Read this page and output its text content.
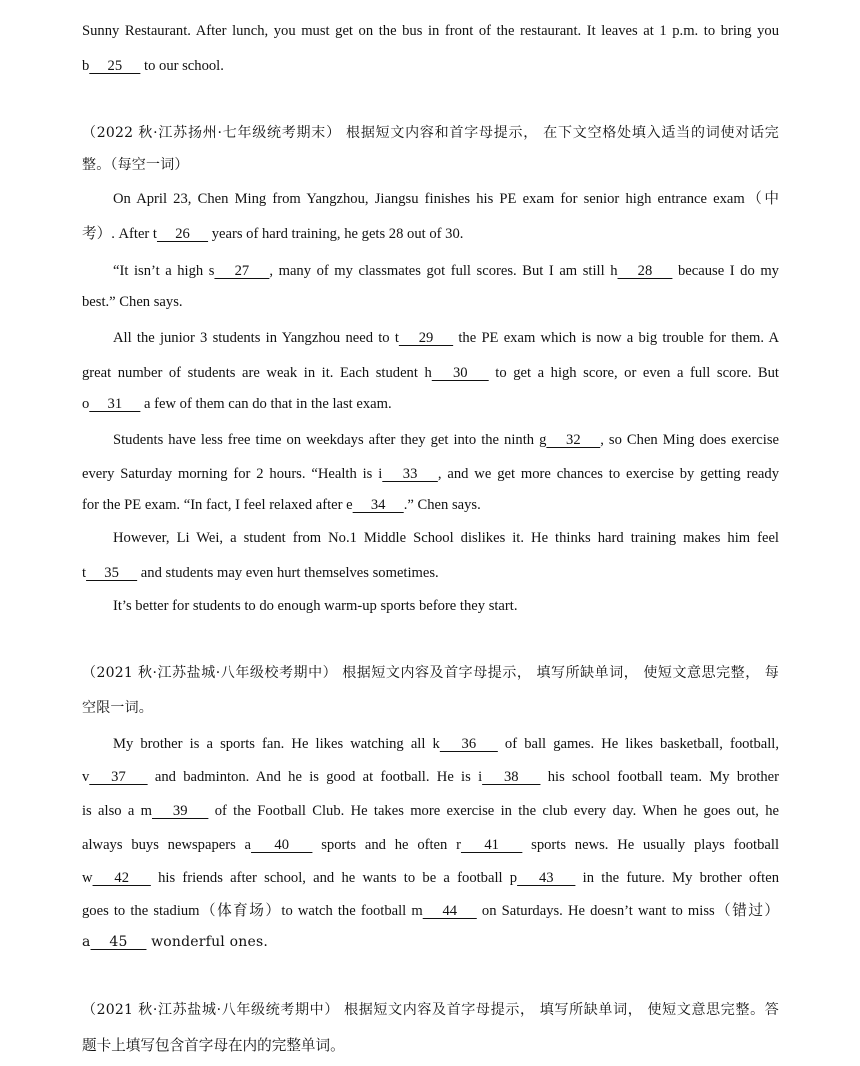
Sunny Restaurant. After lunch, you must get on the bus in front of the restaurant. It leaves at 1 p.m. to bring you
b  25   to our school.
（2022 秋·江苏扬州·七年级统考期末） 根据短文内容和首字母提示， 在下文空格处填入适当的词使对话完
整。（每空一词）
On April 23, Chen Ming from Yangzhou, Jiangsu finishes his PE exam for senior high entrance exam（中
考）. After t  26   years of hard training, he gets 28 out of 30.
“It isn’t a high s  27  , many of my classmates got full scores. But I am still h  28   because I do my
best.” Chen says.
All the junior 3 students in Yangzhou need to t  29   the PE exam which is now a big trouble for them. A
great number of students are weak in it. Each student h  30   to get a high score, or even a full score. But
o  31   a few of them can do that in the last exam.
Students have less free time on weekdays after they get into the ninth g  32  , so Chen Ming does exercise
every Saturday morning for 2 hours. “Health is i  33  , and we get more chances to exercise by getting ready
for the PE exam. “In fact, I feel relaxed after e  34  .” Chen says.
However, Li Wei, a student from No.1 Middle School dislikes it. He thinks hard training makes him feel
t  35   and students may even hurt themselves sometimes.
It’s better for students to do enough warm-up sports before they start.
（2021 秋·江苏盐城·八年级校考期中） 根据短文内容及首字母提示， 填写所缺单词， 使短文意思完整， 每
空限一词。
My brother is a sports fan. He likes watching all k  36   of ball games. He likes basketball, football,
v  37   and badminton. And he is good at football. He is i  38   his school football team. My brother
is also a m  39   of the Football Club. He takes more exercise in the club every day. When he goes out, he
always buys newspapers a  40   sports and he often r  41   sports news. He usually plays football
w  42   his friends after school, and he wants to be a football p  43   in the future. My brother often
goes to the stadium（体育场）to watch the football m  44   on Saturdays. He doesn’t want to miss（错过）
a  45   wonderful ones.
（2021 秋·江苏盐城·八年级统考期中） 根据短文内容及首字母提示， 填写所缺单词， 使短文意思完整。答
题卡上填写包含首字母在内的完整单词。
